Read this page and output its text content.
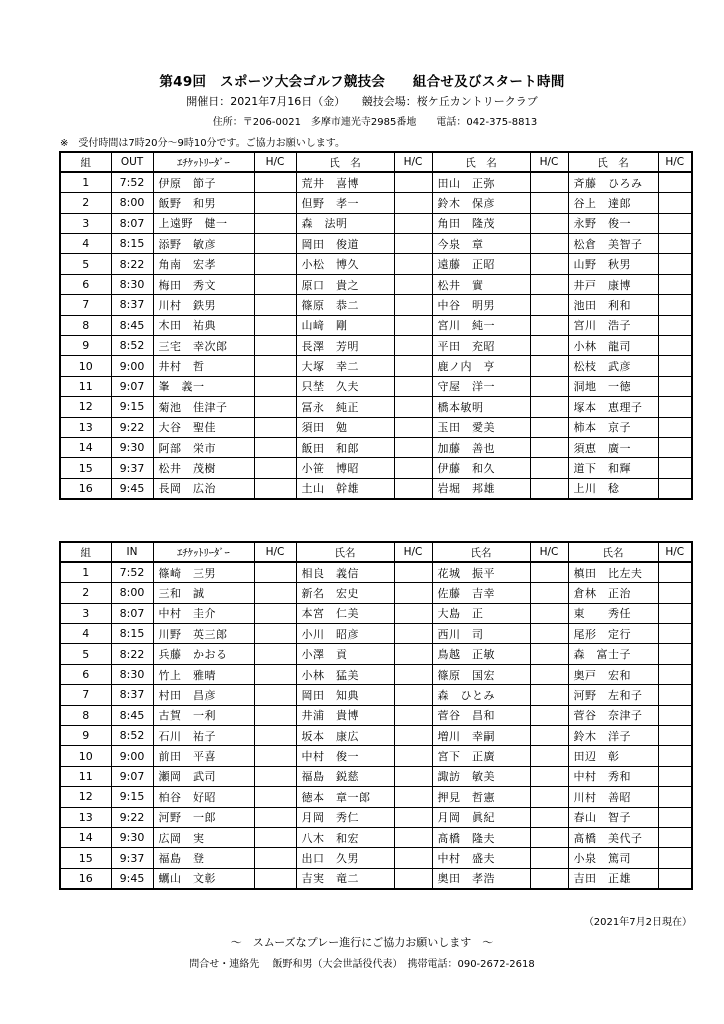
第49回　スポーツ大会ゴルフ競技会　　組合せ及びスタート時間
開催日：2021年7月16日（金）　　競技会場：桜ケ丘カントリークラブ
住所：〒206-0021　多摩市連光寺2985番地　　電話：042-375-8813
※　受付時間は7時20分～9時10分です。ご協力お願いします。
組	OUT	ｴﾁｹｯﾄﾘｰﾀﾞｰ	H/C	氏　名	H/C	氏　名	H/C	氏　名	H/C
1	7:52	伊原　節子		荒井　喜博		田山　正弥		斉藤　ひろみ	
2	8:00	飯野　和男		但野　孝一		鈴木　保彦		谷上　達郎	
3	8:07	上遠野　健一		森　法明		角田　隆茂		永野　俊一	
4	8:15	添野　敏彦		岡田　俊道		今泉　章		松倉　美智子	
5	8:22	角南　宏孝		小松　博久		遠藤　正昭		山野　秋男	
6	8:30	梅田　秀文		原口　貴之		松井　實		井戸　康博	
7	8:37	川村　鉄男		篠原　恭二		中谷　明男		池田　利和	
8	8:45	木田　祐典		山﨑　剛		宮川　純一		宮川　浩子	
9	8:52	三宅　幸次郎		長澤　芳明		平田　充昭		小林　龍司	
10	9:00	井村　哲		大塚　幸二		鹿ノ内　亨		松枝　武彦	
11	9:07	峯　義一		只埜　久夫		守屋　洋一		洞地　一徳	
12	9:15	菊池　佳津子		冨永　純正		橋本敏明		塚本　恵理子	
13	9:22	大谷　聖佳		須田　勉		玉田　愛美		柿本　京子	
14	9:30	阿部　栄市		飯田　和郎		加藤　善也		須恵　廣一	
15	9:37	松井　茂樹		小笹　博昭		伊藤　和久		道下　和輝	
16	9:45	長岡　広治		土山　幹雄		岩堀　邦雄		上川　稔	
組	IN	ｴﾁｹｯﾄﾘｰﾀﾞｰ	H/C	氏名	H/C	氏名	H/C	氏名	H/C
1	7:52	篠崎　三男		相良　義信		花城　振平		槙田　比左夫	
2	8:00	三和　誠		新名　宏史		佐藤　吉幸		倉林　正治	
3	8:07	中村　圭介		本宮　仁美		大島　正		東　　秀任	
4	8:15	川野　英三郎		小川　昭彦		西川　司		尾形　定行	
5	8:22	兵藤　かおる		小澤　貢		鳥越　正敏		森　富士子	
6	8:30	竹上　雅晴		小林　猛美		篠原　国宏		奥戸　宏和	
7	8:37	村田　昌彦		岡田　知典		森　ひとみ		河野　左和子	
8	8:45	古賀　一利		井浦　貴博		菅谷　昌和		菅谷　奈津子	
9	8:52	石川　祐子		坂本　康広		増川　幸嗣		鈴木　洋子	
10	9:00	前田　平喜		中村　俊一		宮下　正廣		田辺　彰	
11	9:07	瀬岡　武司		福島　鋭慈		諏訪　敏美		中村　秀和	
12	9:15	柏谷　好昭		徳本　章一郎		押見　哲憲		川村　善昭	
13	9:22	河野　一郎		月岡　秀仁		月岡　眞紀		春山　智子	
14	9:30	広岡　実		八木　和宏		髙橋　隆夫		髙橋　美代子	
15	9:37	福島　登		出口　久男		中村　盛夫		小泉　篤司	
16	9:45	蠣山　文彰		吉実　竜二		奥田　孝浩		吉田　正雄	
（2021年7月2日現在）
～　スムーズなプレー進行にご協力お願いします　～
問合せ・連絡先　 飯野和男（大会世話役代表）　携帯電話：090-2672-2618
